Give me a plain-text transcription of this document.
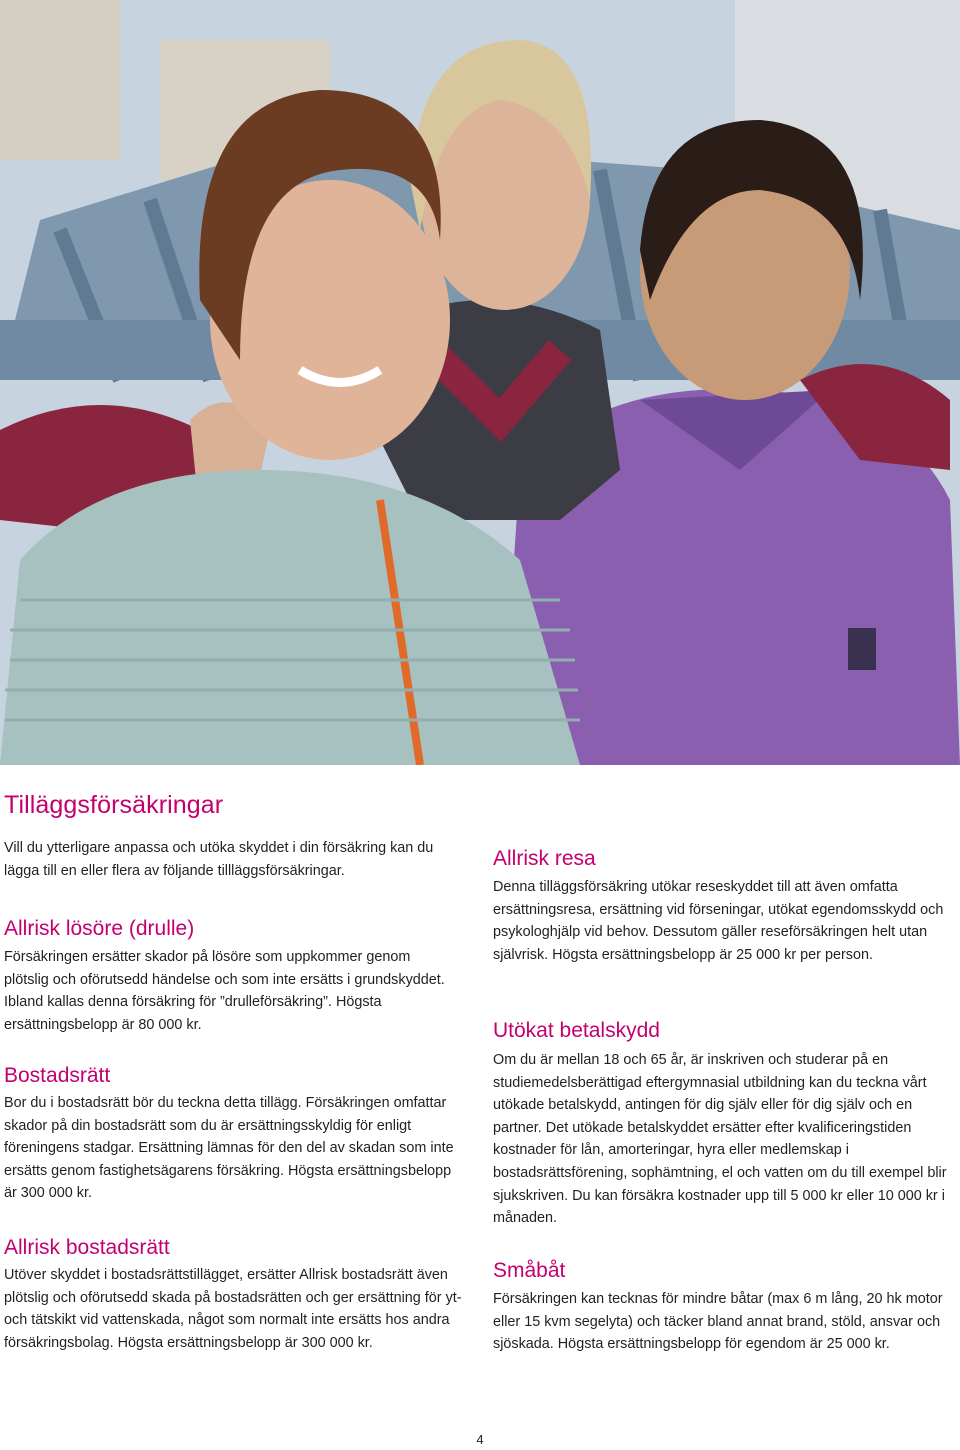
Tilläggsförsäkringar

Vill du ytterligare anpassa och utöka skyddet i din försäkring kan du lägga till en eller flera av följande tillläggsförsäkringar.

Allrisk lösöre (drulle)

Försäkringen ersätter skador på lösöre som uppkommer genom plötslig och oförutsedd händelse och som inte ersätts i grundskyddet. Ibland kallas denna försäkring för ”drulleförsäkring”. Högsta ersättningsbelopp är 80 000 kr.

Bostadsrätt

Bor du i bostadsrätt bör du teckna detta tillägg. Försäkringen omfattar skador på din bostadsrätt som du är ersättningsskyldig för enligt föreningens stadgar. Ersättning lämnas för den del av skadan som inte ersätts genom fastighetsägarens försäkring. Högsta ersättningsbelopp är 300 000 kr.

Allrisk bostadsrätt

Utöver skyddet i bostadsrättstillägget, ersätter Allrisk bostadsrätt även plötslig och oförutsedd skada på bostadsrätten och ger ersättning för yt- och tätskikt vid vattenskada, något som normalt inte ersätts hos andra försäkringsbolag. Högsta ersättningsbelopp är 300 000 kr.

Allrisk resa

Denna tilläggsförsäkring utökar reseskyddet till att även omfatta ersättningsresa, ersättning vid förseningar, utökat egendomsskydd och psykologhjälp vid behov. Dessutom gäller reseförsäkringen helt utan självrisk. Högsta ersättningsbelopp är 25 000 kr per person.

Utökat betalskydd

Om du är mellan 18 och 65 år, är inskriven och studerar på en studiemedelsberättigad eftergymnasial utbildning kan du teckna vårt utökade betalskydd, antingen för dig själv eller för dig själv och en partner. Det utökade betalskyddet ersätter efter kvalificeringstiden kostnader för lån, amorteringar, hyra eller medlemskap i bostadsrättsförening, sophämtning, el och vatten om du till exempel blir sjukskriven. Du kan försäkra kostnader upp till 5 000 kr eller 10 000 kr i månaden.

Småbåt

Försäkringen kan tecknas för mindre båtar (max 6 m lång, 20 hk motor eller 15 kvm segelyta) och täcker bland annat brand, stöld, ansvar och sjöskada. Högsta ersättningsbelopp för egendom är 25 000 kr.

4
